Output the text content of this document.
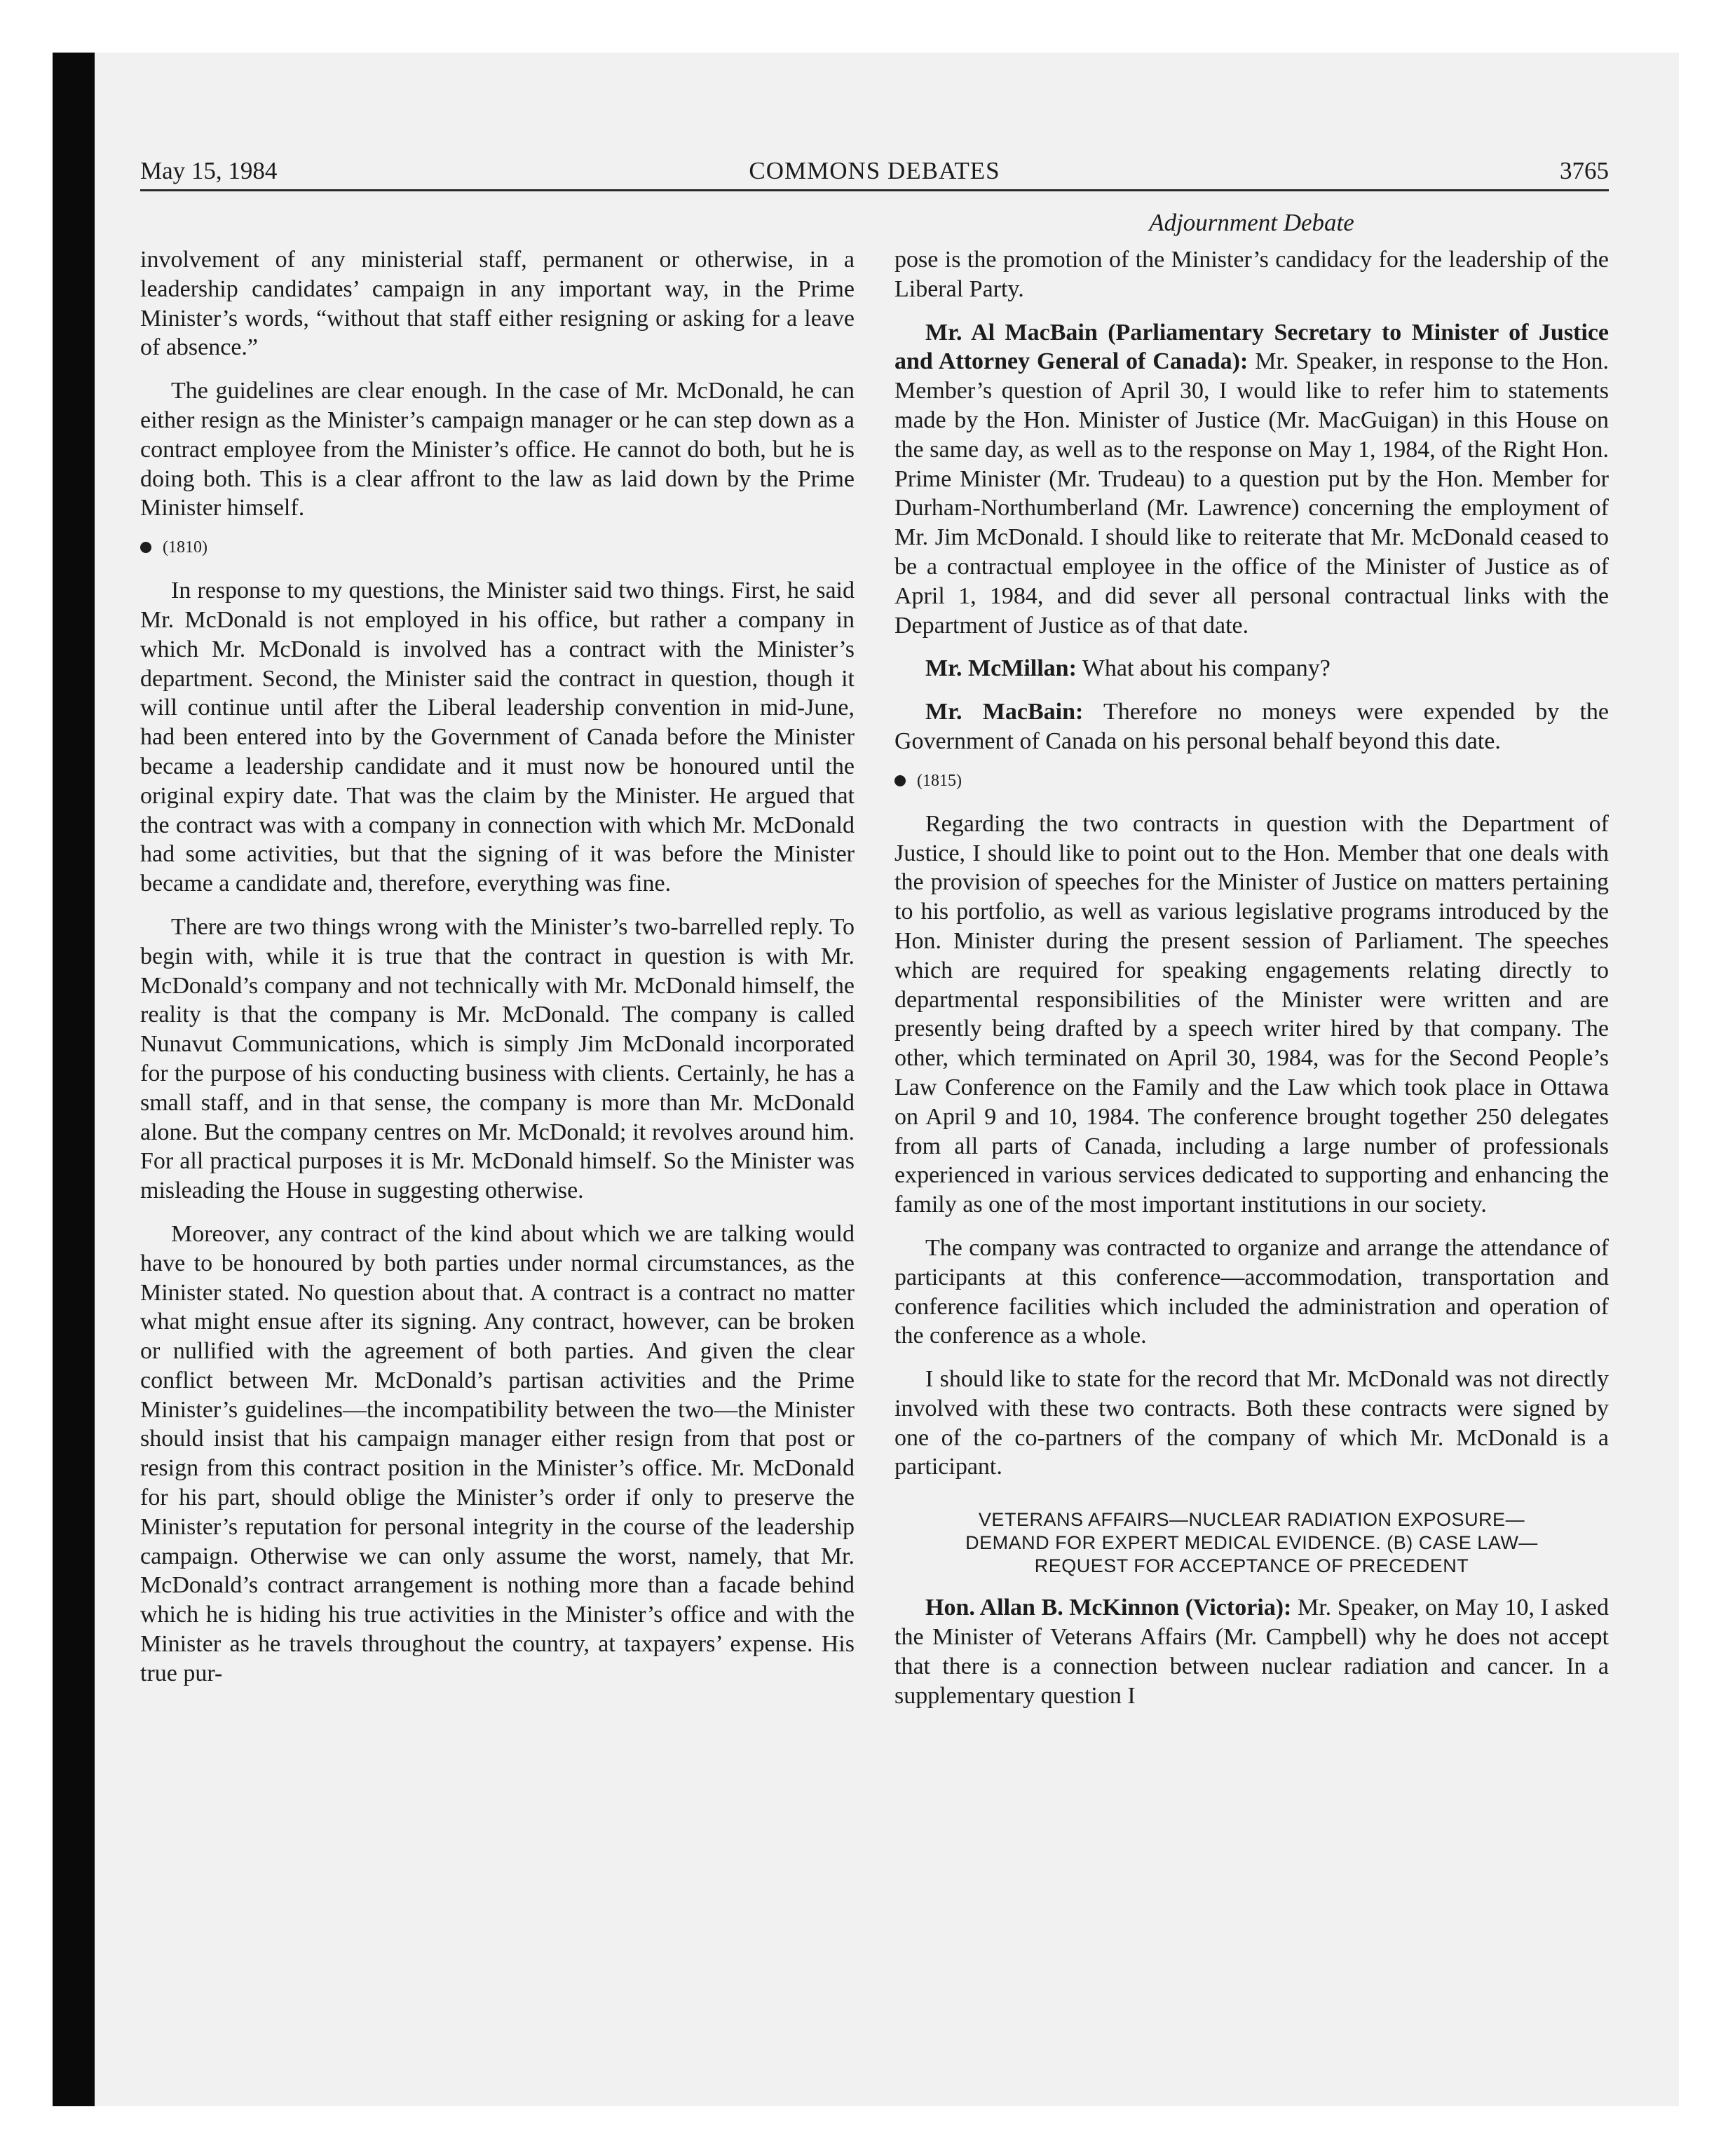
May 15, 1984	COMMONS DEBATES	3765
Adjournment Debate

involvement of any ministerial staff, permanent or otherwise, in a leadership candidates’ campaign in any important way, in the Prime Minister’s words, “without that staff either resigning or asking for a leave of absence.”

The guidelines are clear enough. In the case of Mr. McDonald, he can either resign as the Minister’s campaign manager or he can step down as a contract employee from the Minister’s office. He cannot do both, but he is doing both. This is a clear affront to the law as laid down by the Prime Minister himself.

(1810)

In response to my questions, the Minister said two things. First, he said Mr. McDonald is not employed in his office, but rather a company in which Mr. McDonald is involved has a contract with the Minister’s department. Second, the Minister said the contract in question, though it will continue until after the Liberal leadership convention in mid-June, had been entered into by the Government of Canada before the Minister became a leadership candidate and it must now be honoured until the original expiry date. That was the claim by the Minister. He argued that the contract was with a company in connection with which Mr. McDonald had some activities, but that the signing of it was before the Minister became a candidate and, therefore, everything was fine.

There are two things wrong with the Minister’s two-barrelled reply. To begin with, while it is true that the contract in question is with Mr. McDonald’s company and not technically with Mr. McDonald himself, the reality is that the company is Mr. McDonald. The company is called Nunavut Communications, which is simply Jim McDonald incorporated for the purpose of his conducting business with clients. Certainly, he has a small staff, and in that sense, the company is more than Mr. McDonald alone. But the company centres on Mr. McDonald; it revolves around him. For all practical purposes it is Mr. McDonald himself. So the Minister was misleading the House in suggesting otherwise.

Moreover, any contract of the kind about which we are talking would have to be honoured by both parties under normal circumstances, as the Minister stated. No question about that. A contract is a contract no matter what might ensue after its signing. Any contract, however, can be broken or nullified with the agreement of both parties. And given the clear conflict between Mr. McDonald’s partisan activities and the Prime Minister’s guidelines—the incompatibility between the two—the Minister should insist that his campaign manager either resign from that post or resign from this contract position in the Minister’s office. Mr. McDonald for his part, should oblige the Minister’s order if only to preserve the Minister’s reputation for personal integrity in the course of the leadership campaign. Otherwise we can only assume the worst, namely, that Mr. McDonald’s contract arrangement is nothing more than a facade behind which he is hiding his true activities in the Minister’s office and with the Minister as he travels throughout the country, at taxpayers’ expense. His true pur-

pose is the promotion of the Minister’s candidacy for the leadership of the Liberal Party.

Mr. Al MacBain (Parliamentary Secretary to Minister of Justice and Attorney General of Canada): Mr. Speaker, in response to the Hon. Member’s question of April 30, I would like to refer him to statements made by the Hon. Minister of Justice (Mr. MacGuigan) in this House on the same day, as well as to the response on May 1, 1984, of the Right Hon. Prime Minister (Mr. Trudeau) to a question put by the Hon. Member for Durham-Northumberland (Mr. Lawrence) concerning the employment of Mr. Jim McDonald. I should like to reiterate that Mr. McDonald ceased to be a contractual employee in the office of the Minister of Justice as of April 1, 1984, and did sever all personal contractual links with the Department of Justice as of that date.

Mr. McMillan: What about his company?

Mr. MacBain: Therefore no moneys were expended by the Government of Canada on his personal behalf beyond this date.

(1815)

Regarding the two contracts in question with the Department of Justice, I should like to point out to the Hon. Member that one deals with the provision of speeches for the Minister of Justice on matters pertaining to his portfolio, as well as various legislative programs introduced by the Hon. Minister during the present session of Parliament. The speeches which are required for speaking engagements relating directly to departmental responsibilities of the Minister were written and are presently being drafted by a speech writer hired by that company. The other, which terminated on April 30, 1984, was for the Second People’s Law Conference on the Family and the Law which took place in Ottawa on April 9 and 10, 1984. The conference brought together 250 delegates from all parts of Canada, including a large number of professionals experienced in various services dedicated to supporting and enhancing the family as one of the most important institutions in our society.

The company was contracted to organize and arrange the attendance of participants at this conference—accommodation, transportation and conference facilities which included the administration and operation of the conference as a whole.

I should like to state for the record that Mr. McDonald was not directly involved with these two contracts. Both these contracts were signed by one of the co-partners of the company of which Mr. McDonald is a participant.

VETERANS AFFAIRS—NUCLEAR RADIATION EXPOSURE—
DEMAND FOR EXPERT MEDICAL EVIDENCE. (B) CASE LAW—
REQUEST FOR ACCEPTANCE OF PRECEDENT

Hon. Allan B. McKinnon (Victoria): Mr. Speaker, on May 10, I asked the Minister of Veterans Affairs (Mr. Campbell) why he does not accept that there is a connection between nuclear radiation and cancer. In a supplementary question I
